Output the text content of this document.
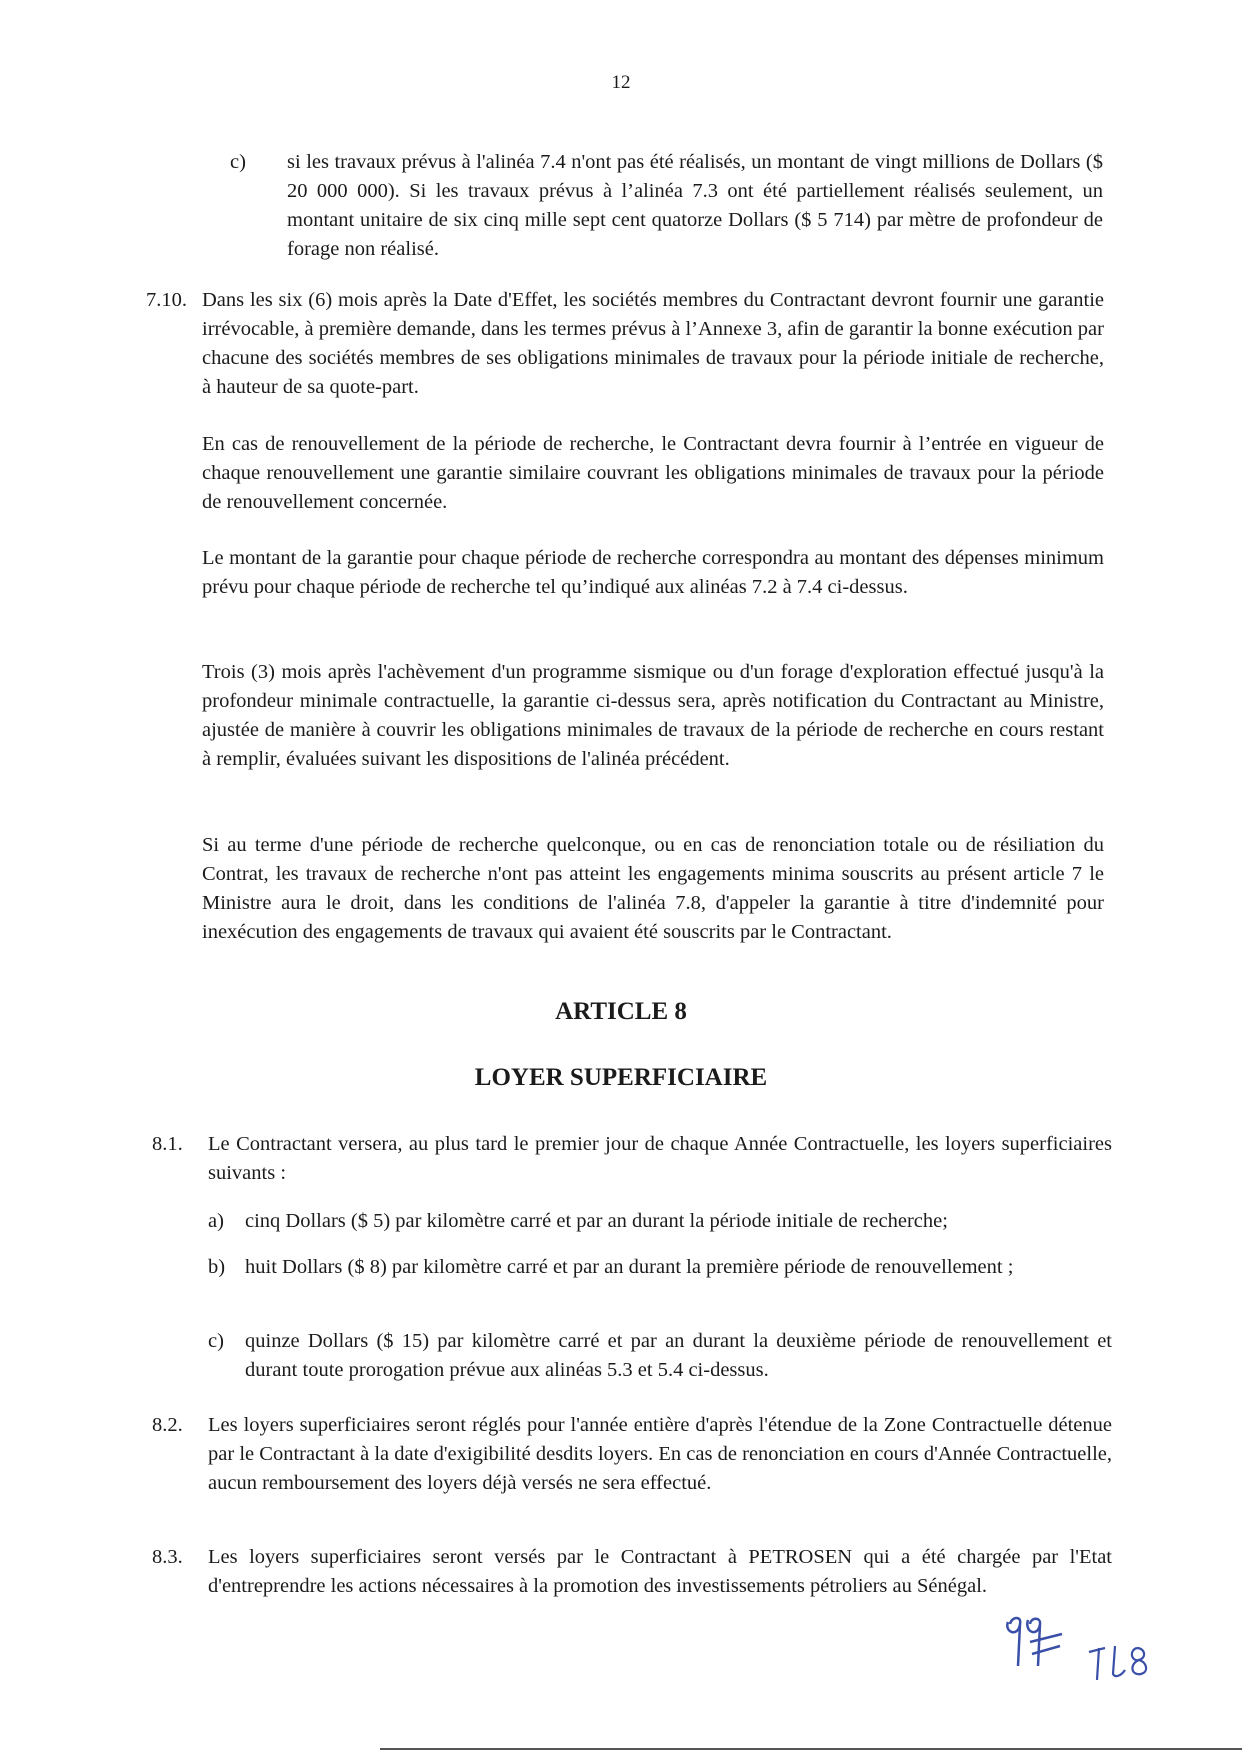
12
c) si les travaux prévus à l'alinéa 7.4 n'ont pas été réalisés, un montant de vingt millions de Dollars ($ 20 000 000). Si les travaux prévus à l’alinéa 7.3 ont été partiellement réalisés seulement, un montant unitaire de six cinq mille sept cent quatorze Dollars ($ 5 714) par mètre de profondeur de forage non réalisé.
7.10. Dans les six (6) mois après la Date d'Effet, les sociétés membres du Contractant devront fournir une garantie irrévocable, à première demande, dans les termes prévus à l’Annexe 3, afin de garantir la bonne exécution par chacune des sociétés membres de ses obligations minimales de travaux pour la période initiale de recherche, à hauteur de sa quote-part.
En cas de renouvellement de la période de recherche, le Contractant devra fournir à l’entrée en vigueur de chaque renouvellement une garantie similaire couvrant les obligations minimales de travaux pour la période de renouvellement concernée.
Le montant de la garantie pour chaque période de recherche correspondra au montant des dépenses minimum prévu pour chaque période de recherche tel qu’indiqué aux alinéas 7.2 à 7.4 ci-dessus.
Trois (3) mois après l'achèvement d'un programme sismique ou d'un forage d'exploration effectué jusqu'à la profondeur minimale contractuelle, la garantie ci-dessus sera, après notification du Contractant au Ministre, ajustée de manière à couvrir les obligations minimales de travaux de la période de recherche en cours restant à remplir, évaluées suivant les dispositions de l'alinéa précédent.
Si au terme d'une période de recherche quelconque, ou en cas de renonciation totale ou de résiliation du Contrat, les travaux de recherche n'ont pas atteint les engagements minima souscrits au présent article 7 le Ministre aura le droit, dans les conditions de l'alinéa 7.8, d'appeler la garantie à titre d'indemnité pour inexécution des engagements de travaux qui avaient été souscrits par le Contractant.
ARTICLE 8
LOYER SUPERFICIAIRE
8.1. Le Contractant versera, au plus tard le premier jour de chaque Année Contractuelle, les loyers superficiaires suivants :
a) cinq Dollars ($ 5) par kilomètre carré et par an durant la période initiale de recherche;
b) huit Dollars ($ 8) par kilomètre carré et par an durant la première période de renouvellement ;
c) quinze Dollars ($ 15) par kilomètre carré et par an durant la deuxième période de renouvellement et durant toute prorogation prévue aux alinéas 5.3 et 5.4 ci-dessus.
8.2. Les loyers superficiaires seront réglés pour l'année entière d'après l'étendue de la Zone Contractuelle détenue par le Contractant à la date d'exigibilité desdits loyers. En cas de renonciation en cours d'Année Contractuelle, aucun remboursement des loyers déjà versés ne sera effectué.
8.3. Les loyers superficiaires seront versés par le Contractant à PETROSEN qui a été chargée par l'Etat d'entreprendre les actions nécessaires à la promotion des investissements pétroliers au Sénégal.
